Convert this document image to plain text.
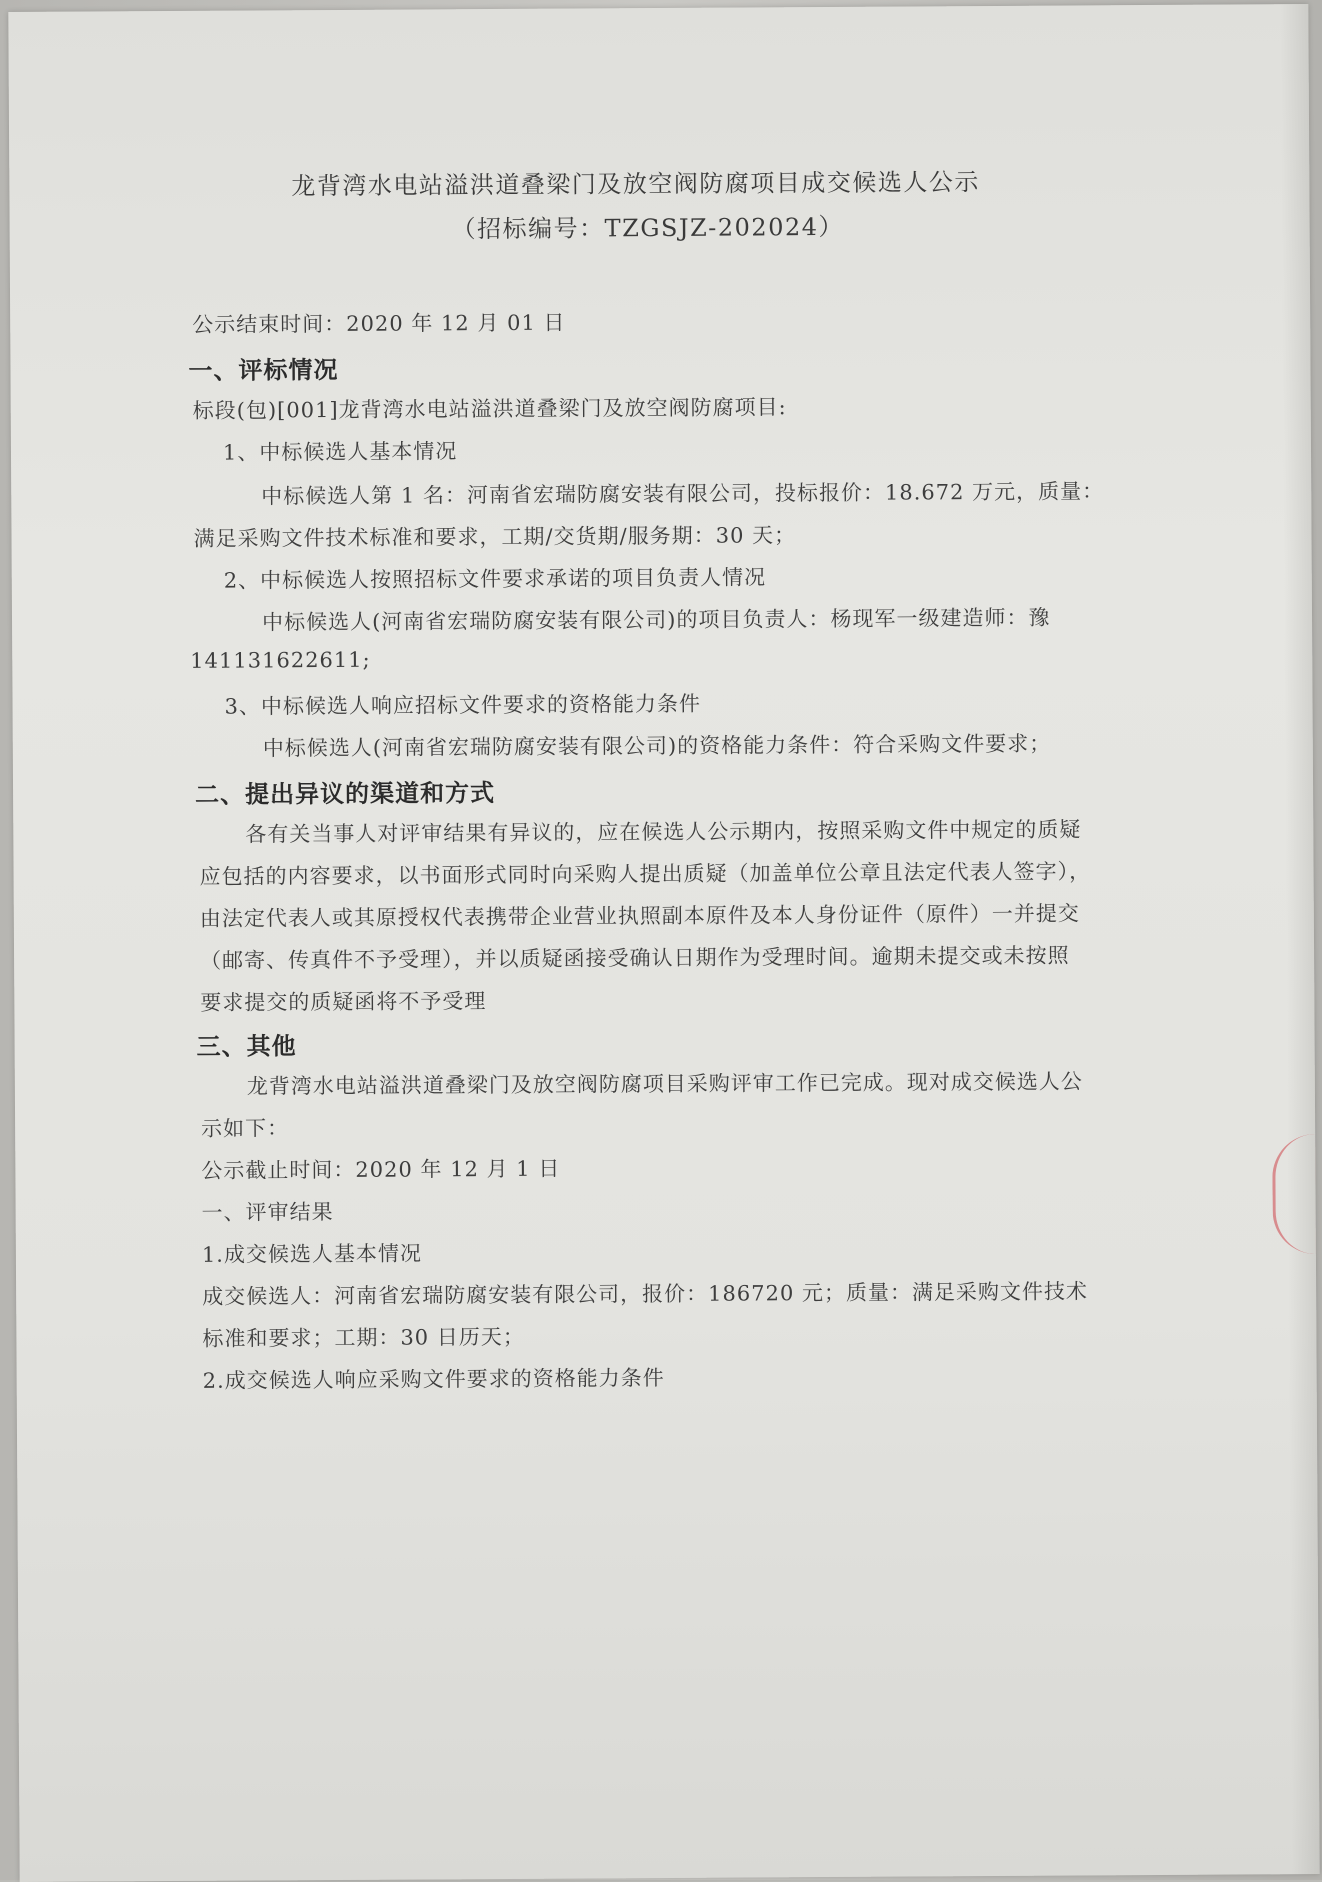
龙背湾水电站溢洪道叠梁门及放空阀防腐项目成交候选人公示
（招标编号：TZGSJZ-202024）
公示结束时间：2020 年 12 月 01 日
一、评标情况
标段(包)[001]龙背湾水电站溢洪道叠梁门及放空阀防腐项目:
1、中标候选人基本情况
中标候选人第 1 名：河南省宏瑞防腐安装有限公司，投标报价：18.672 万元，质量：
满足采购文件技术标准和要求，工期/交货期/服务期：30 天；
2、中标候选人按照招标文件要求承诺的项目负责人情况
中标候选人(河南省宏瑞防腐安装有限公司)的项目负责人：杨现军一级建造师：豫
141131622611;
3、中标候选人响应招标文件要求的资格能力条件
中标候选人(河南省宏瑞防腐安装有限公司)的资格能力条件：符合采购文件要求；
二、提出异议的渠道和方式
各有关当事人对评审结果有异议的，应在候选人公示期内，按照采购文件中规定的质疑
应包括的内容要求，以书面形式同时向采购人提出质疑（加盖单位公章且法定代表人签字），
由法定代表人或其原授权代表携带企业营业执照副本原件及本人身份证件（原件）一并提交
（邮寄、传真件不予受理），并以质疑函接受确认日期作为受理时间。逾期未提交或未按照
要求提交的质疑函将不予受理
三、其他
龙背湾水电站溢洪道叠梁门及放空阀防腐项目采购评审工作已完成。现对成交候选人公
示如下：
公示截止时间：2020 年 12 月 1 日
一、评审结果
1.成交候选人基本情况
成交候选人：河南省宏瑞防腐安装有限公司，报价：186720 元；质量：满足采购文件技术
标准和要求；工期：30 日历天；
2.成交候选人响应采购文件要求的资格能力条件
